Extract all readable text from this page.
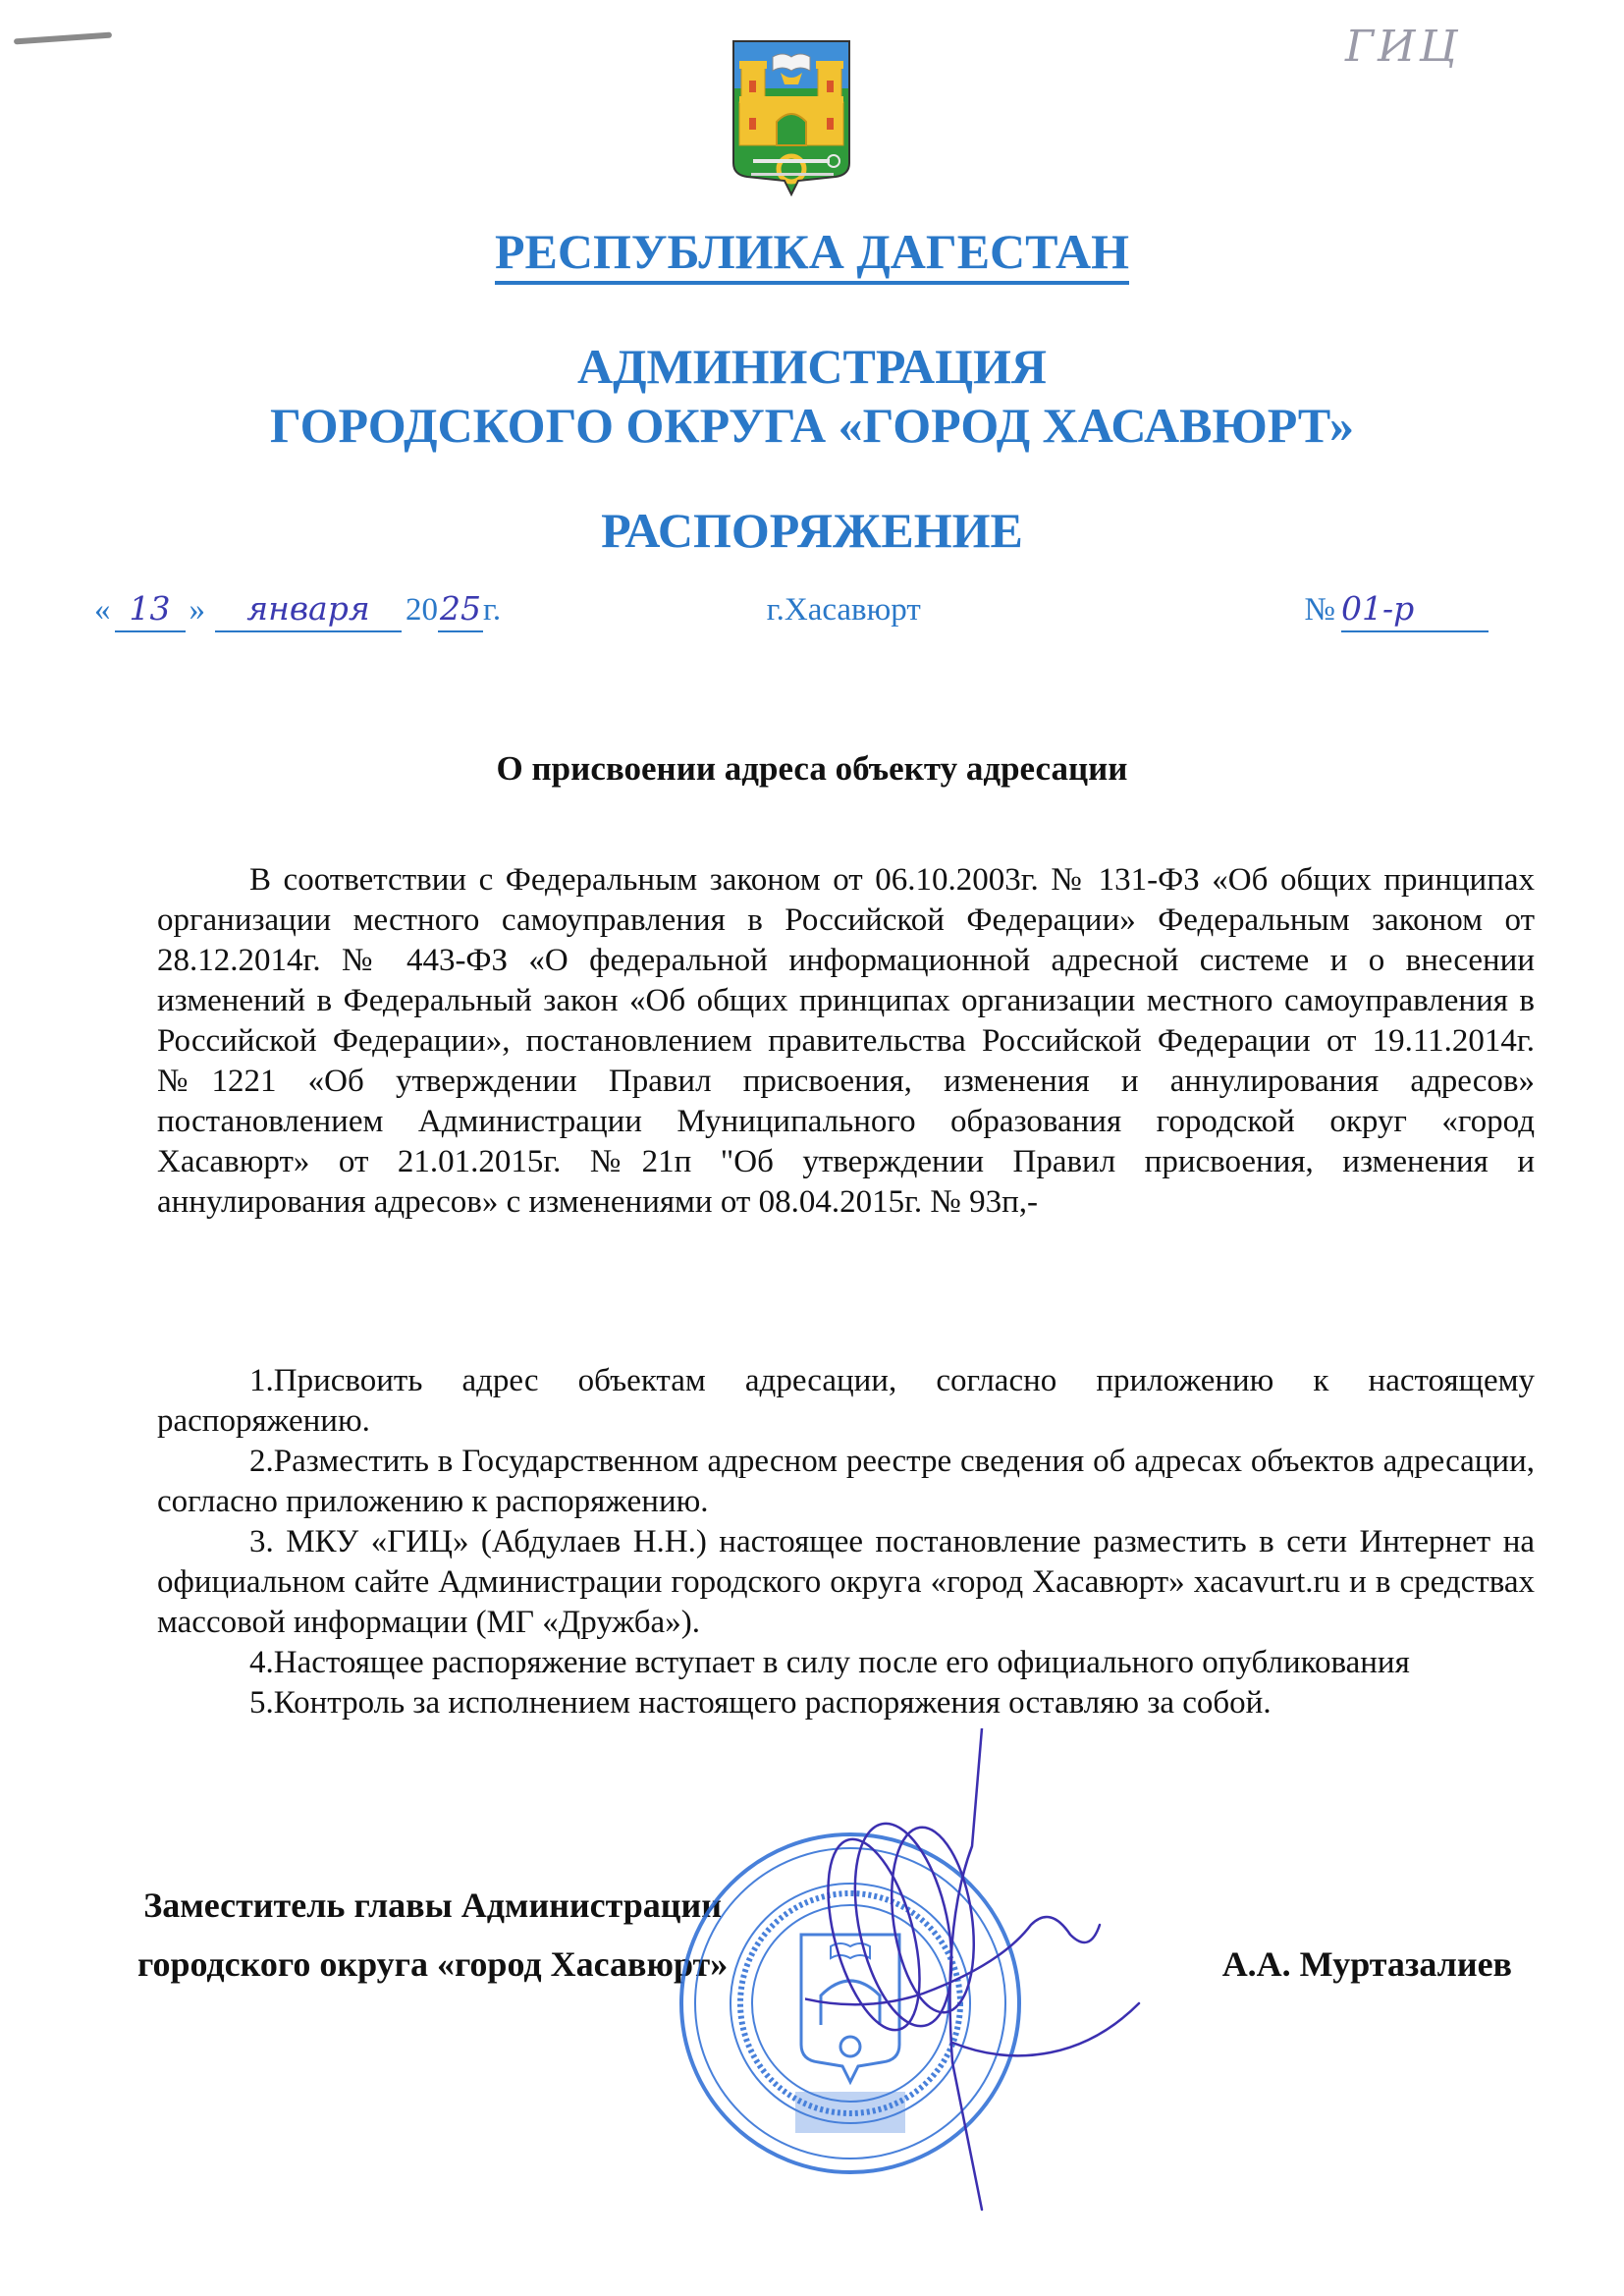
ГИЦ
РЕСПУБЛИКА ДАГЕСТАН
АДМИНИСТРАЦИЯ
ГОРОДСКОГО ОКРУГА «ГОРОД ХАСАВЮРТ»
РАСПОРЯЖЕНИЕ
« 13 »	января	20 25 г.	г.Хасавюрт	№ 01-р
О присвоении адреса объекту адресации

В соответствии с Федеральным законом от 06.10.2003г. № 131-ФЗ «Об общих принципах организации местного самоуправления в Российской Федерации» Федеральным законом от 28.12.2014г. № 443-ФЗ «О федеральной информационной адресной системе и о внесении изменений в Федеральный закон «Об общих принципах организации местного самоуправления в Российской Федерации», постановлением правительства Российской Федерации от 19.11.2014г. №1221 «Об утверждении Правил присвоения, изменения и аннулирования адресов» постановлением Администрации Муниципального образования городской округ «город Хасавюрт» от 21.01.2015г. №21п "Об утверждении Правил присвоения, изменения и аннулирования адресов» с изменениями от 08.04.2015г. № 93п,-

1.Присвоить адрес объектам адресации, согласно приложению к настоящему распоряжению.

2.Разместить в Государственном адресном реестре сведения об адресах объектов адресации, согласно приложению к распоряжению.

3. МКУ «ГИЦ» (Абдулаев Н.Н.) настоящее постановление разместить в сети Интернет на официальном сайте Администрации городского округа «город Хасавюрт» xacavurt.ru и в средствах массовой информации (МГ «Дружба»).

4.Настоящее распоряжение вступает в силу после его официального опубликования

5.Контроль за исполнением настоящего распоряжения оставляю за собой.

Заместитель главы Администрации
городского округа «город Хасавюрт»	А.А. Муртазалиев
